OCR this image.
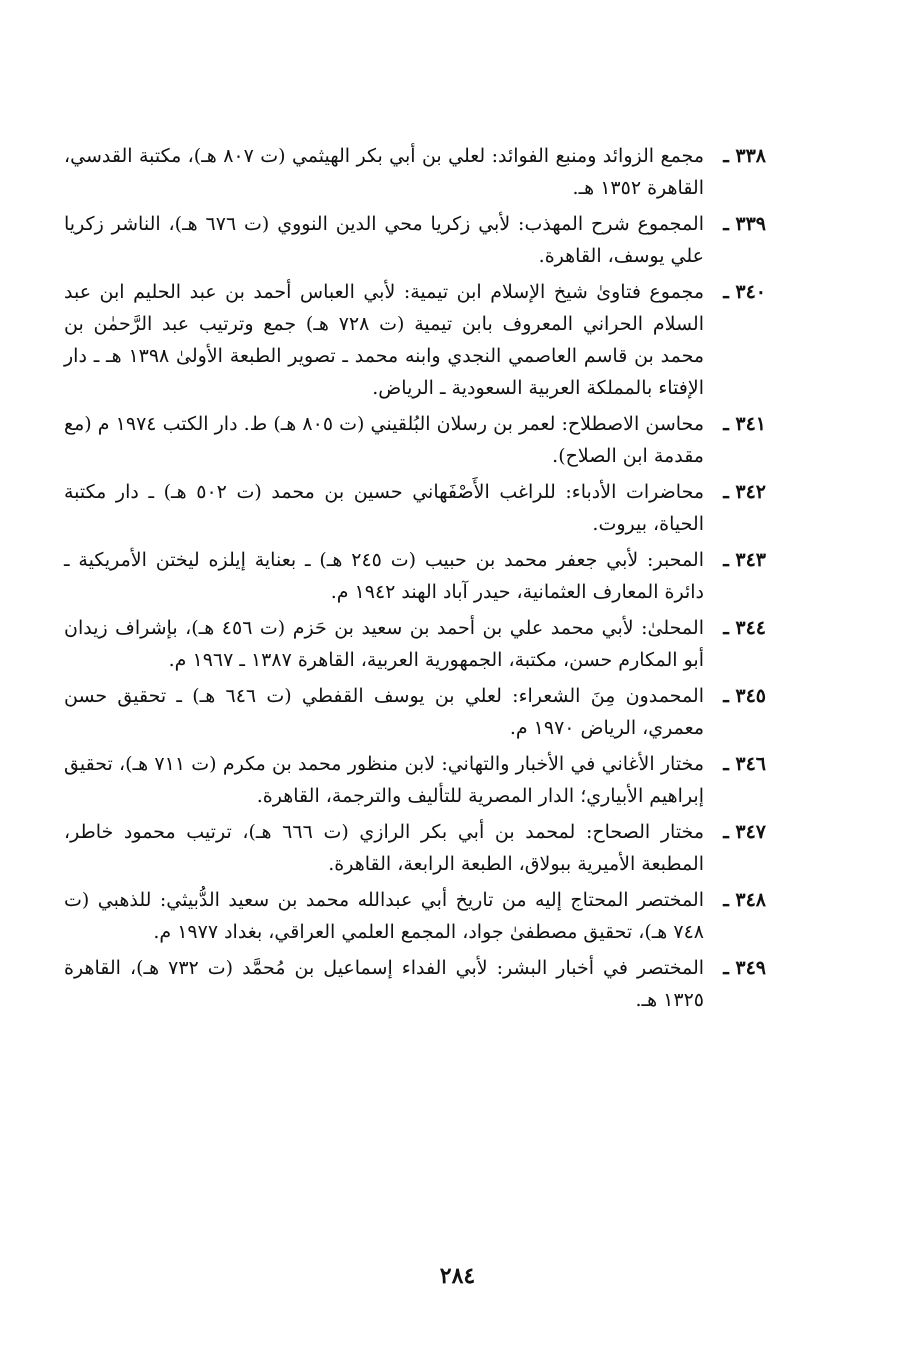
٣٣٨ ـ
مجمع الزوائد ومنبع الفوائد: لعلي بن أبي بكر الهيثمي (ت ٨٠٧ هـ)، مكتبة القدسي، القاهرة ١٣٥٢ هـ.
٣٣٩ ـ
المجموع شرح المهذب: لأبي زكريا محي الدين النووي (ت ٦٧٦ هـ)، الناشر زكريا علي يوسف، القاهرة.
٣٤٠ ـ
مجموع فتاوىٰ شيخ الإسلام ابن تيمية: لأبي العباس أحمد بن عبد الحليم ابن عبد السلام الحراني المعروف بابن تيمية (ت ٧٢٨ هـ) جمع وترتيب عبد الرَّحمٰن بن محمد بن قاسم العاصمي النجدي وابنه محمد ـ تصوير الطبعة الأولىٰ ١٣٩٨ هـ ـ دار الإفتاء بالمملكة العربية السعودية ـ الرياض.
٣٤١ ـ
محاسن الاصطلاح: لعمر بن رسلان البُلقيني (ت ٨٠٥ هـ) ط. دار الكتب ١٩٧٤ م (مع مقدمة ابن الصلاح).
٣٤٢ ـ
محاضرات الأدباء: للراغب الأَصْفَهاني حسين بن محمد (ت ٥٠٢ هـ) ـ دار مكتبة الحياة، بيروت.
٣٤٣ ـ
المحبر: لأبي جعفر محمد بن حبيب (ت ٢٤٥ هـ) ـ بعناية إيلزه ليختن الأمريكية ـ دائرة المعارف العثمانية، حيدر آباد الهند ١٩٤٢ م.
٣٤٤ ـ
المحلىٰ: لأبي محمد علي بن أحمد بن سعيد بن حَزم (ت ٤٥٦ هـ)، بإشراف زيدان أبو المكارم حسن، مكتبة، الجمهورية العربية، القاهرة ١٣٨٧ ـ ١٩٦٧ م.
٣٤٥ ـ
المحمدون مِنَ الشعراء: لعلي بن يوسف القفطي (ت ٦٤٦ هـ) ـ تحقيق حسن معمري، الرياض ١٩٧٠ م.
٣٤٦ ـ
مختار الأغاني في الأخبار والتهاني: لابن منظور محمد بن مكرم (ت ٧١١ هـ)، تحقيق إبراهيم الأبياري؛ الدار المصرية للتأليف والترجمة، القاهرة.
٣٤٧ ـ
مختار الصحاح: لمحمد بن أبي بكر الرازي (ت ٦٦٦ هـ)، ترتيب محمود خاطر، المطبعة الأميرية ببولاق، الطبعة الرابعة، القاهرة.
٣٤٨ ـ
المختصر المحتاج إليه من تاريخ أبي عبدالله محمد بن سعيد الدُّبيثي: للذهبي (ت ٧٤٨ هـ)، تحقيق مصطفىٰ جواد، المجمع العلمي العراقي، بغداد ١٩٧٧ م.
٣٤٩ ـ
المختصر في أخبار البشر: لأبي الفداء إسماعيل بن مُحمَّد (ت ٧٣٢ هـ)، القاهرة ١٣٢٥ هـ.
٢٨٤
